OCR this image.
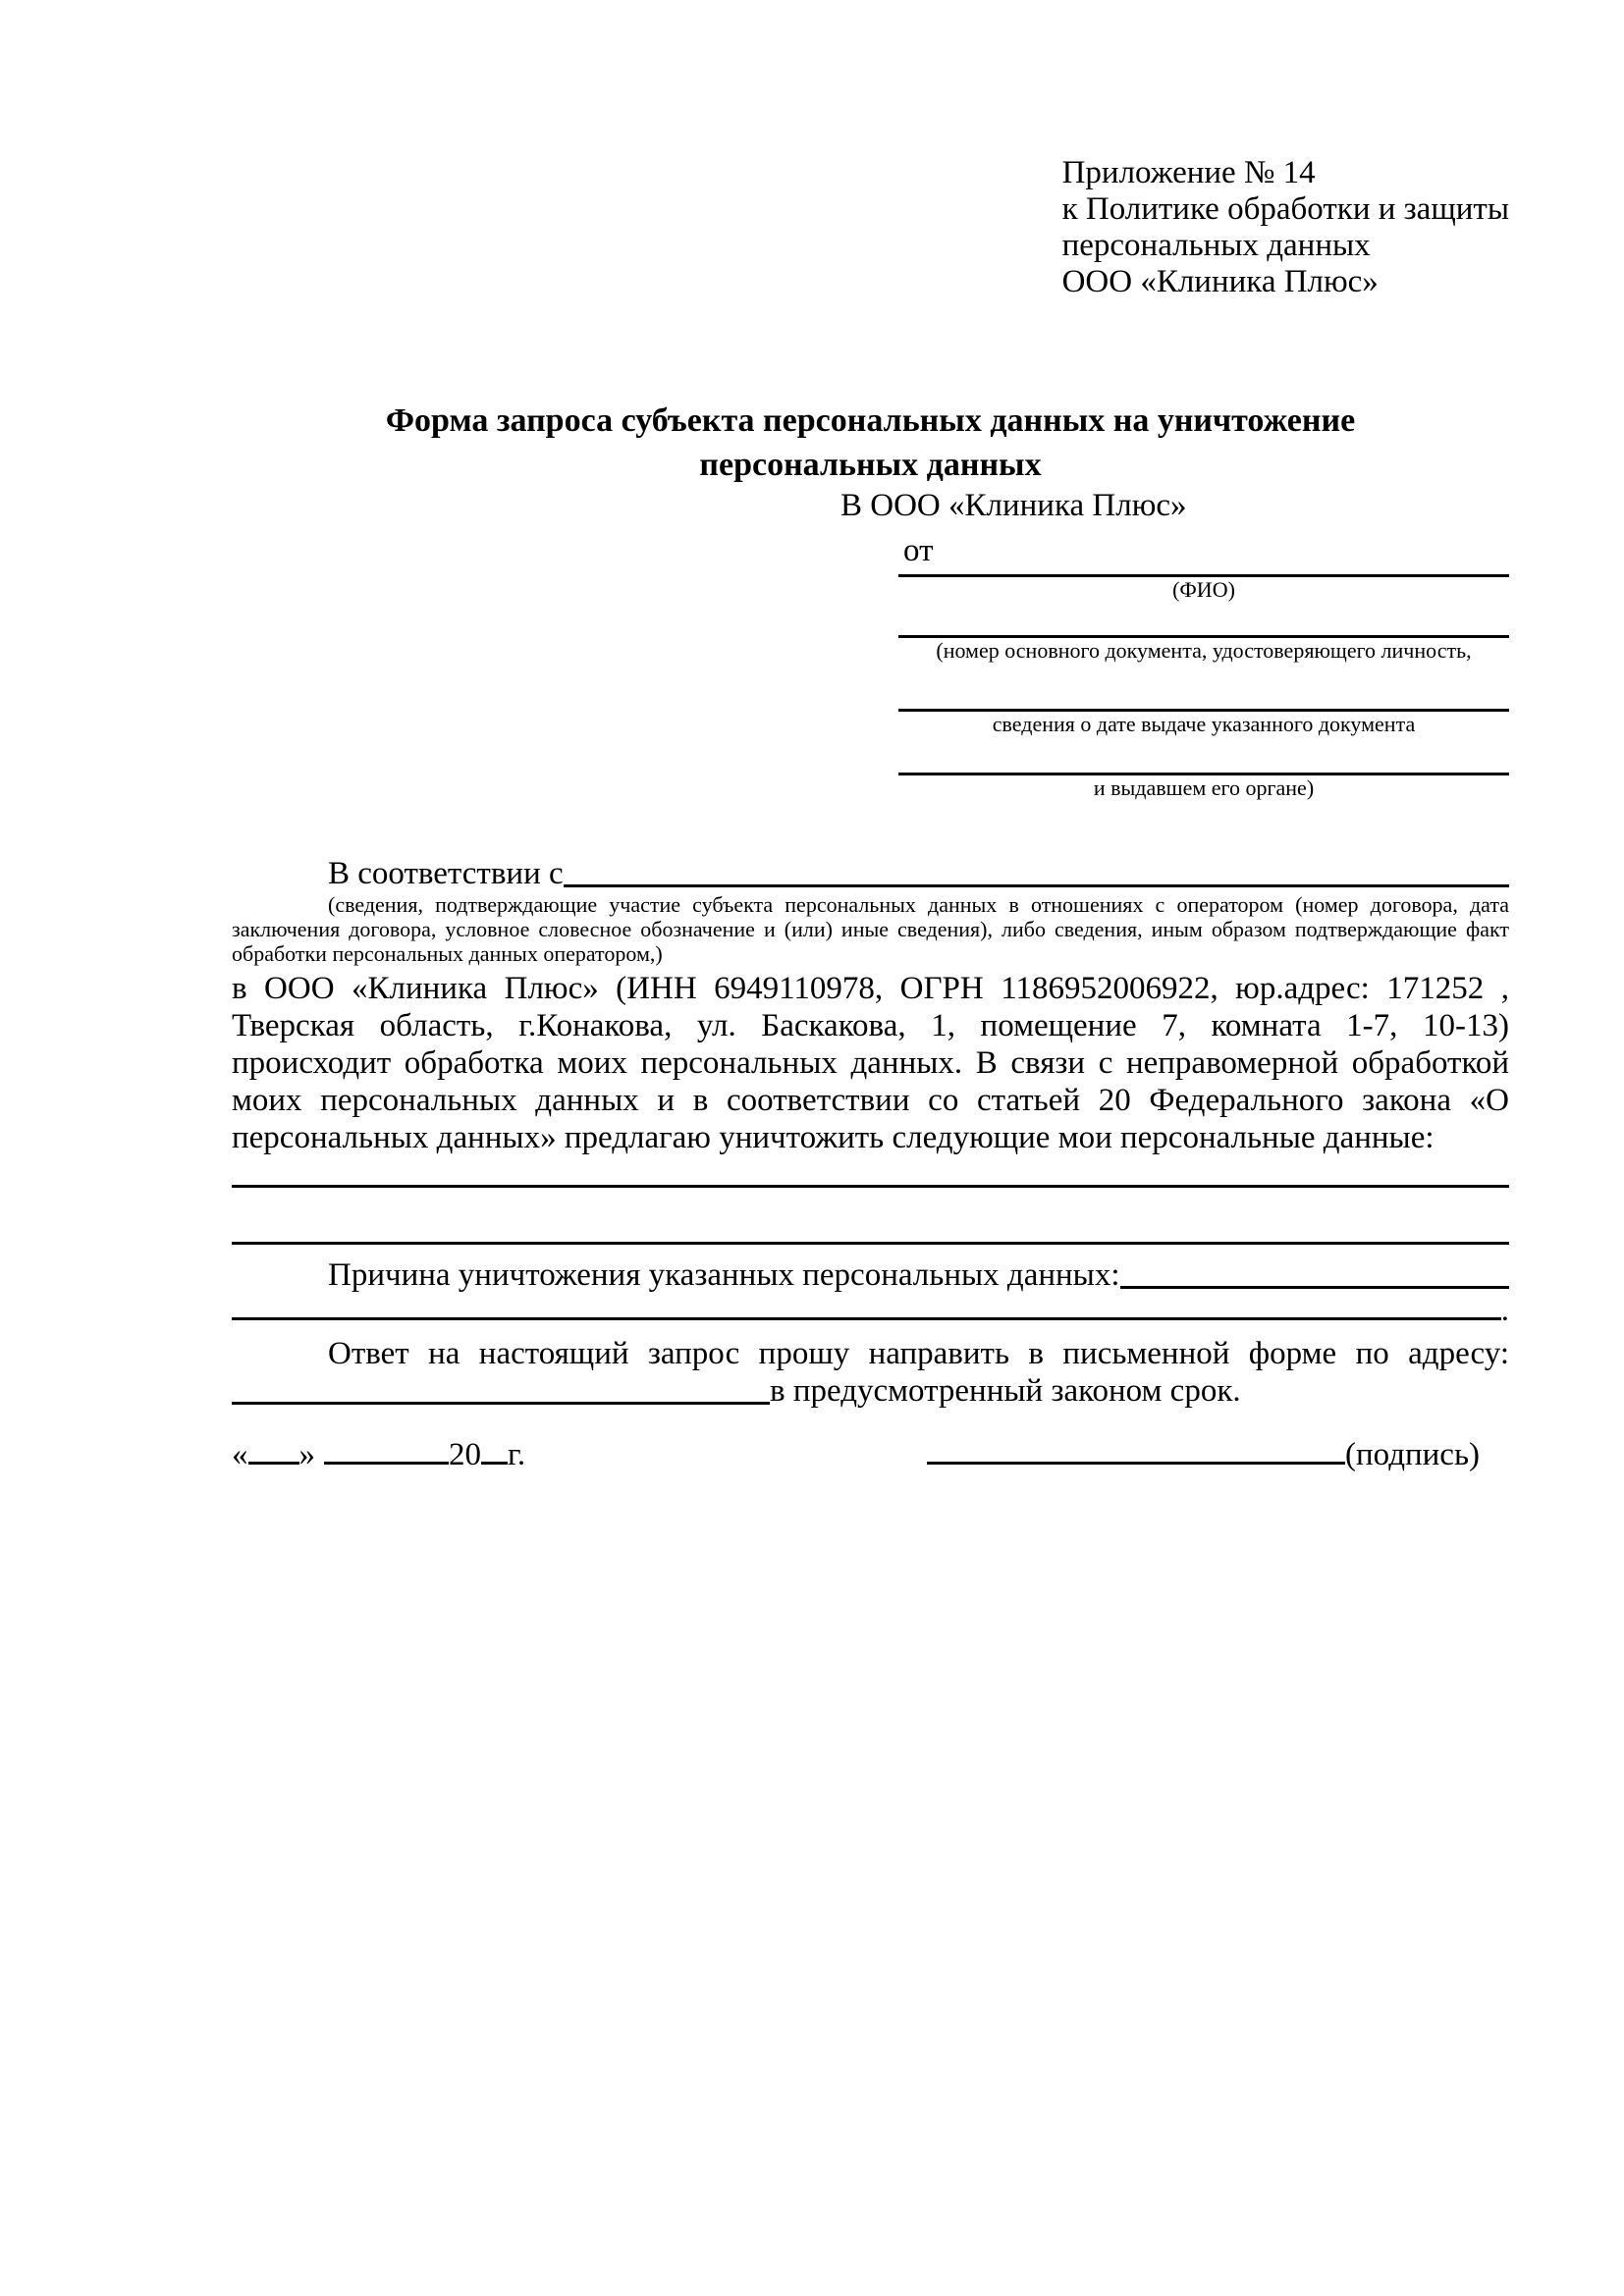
Приложение № 14
к Политике обработки и защиты
персональных данных
ООО «Клиника Плюс»
Форма запроса субъекта персональных данных на уничтожение
персональных данных
В ООО «Клиника Плюс»
от
(ФИО)
(номер основного документа, удостоверяющего личность,
сведения о дате выдаче указанного документа
и выдавшем его органе)
В соответствии с
(сведения, подтверждающие участие субъекта персональных данных в отношениях с оператором (номер договора, дата
заключения договора, условное словесное обозначение и (или) иные сведения), либо сведения, иным образом подтверждающие факт
обработки персональных данных оператором,)
в ООО «Клиника Плюс» (ИНН 6949110978, ОГРН 1186952006922, юр.адрес: 171252 ,
Тверская область, г.Конакова, ул. Баскакова, 1, помещение 7, комната 1-7, 10-13)
происходит обработка моих персональных данных. В связи с неправомерной обработкой
моих персональных данных и в соответствии со статьей 20 Федерального закона «О
персональных данных» предлагаю уничтожить следующие мои персональные данные:
Причина уничтожения указанных персональных данных:
.
Ответ на настоящий запрос прошу направить в письменной форме по адресу:
в предусмотренный законом срок.
« »	20 г.	(подпись)
